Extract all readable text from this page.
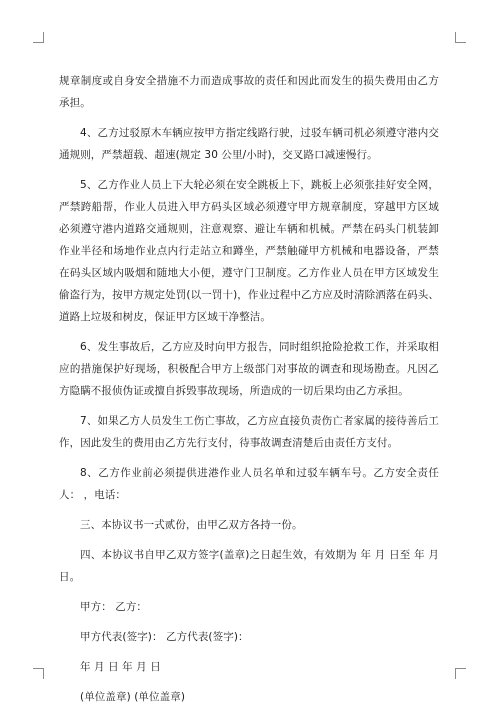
规章制度或自身安全措施不力而造成事故的责任和因此而发生的损失费用由乙方承担。

4、乙方过驳原木车辆应按甲方指定线路行驶，过驳车辆司机必须遵守港内交通规则，严禁超载、超速(规定 30 公里/小时)，交叉路口减速慢行。

5、乙方作业人员上下大轮必须在安全跳板上下，跳板上必须张挂好安全网，严禁跨船帮，作业人员进入甲方码头区域必须遵守甲方规章制度，穿越甲方区域必须遵守港内道路交通规则，注意观察、避让车辆和机械。严禁在码头门机装卸作业半径和场地作业点内行走站立和蹲坐，严禁触碰甲方机械和电器设备，严禁在码头区域内吸烟和随地大小便，遵守门卫制度。乙方作业人员在甲方区域发生偷盗行为，按甲方规定处罚(以一罚十)，作业过程中乙方应及时清除洒落在码头、道路上垃圾和树皮，保证甲方区域干净整洁。

6、发生事故后，乙方应及时向甲方报告，同时组织抢险抢救工作，并采取相应的措施保护好现场，积极配合甲方上级部门对事故的调查和现场勘查。凡因乙方隐瞒不报侦伪证或擅自拆毁事故现场，所造成的一切后果均由乙方承担。

7、如果乙方人员发生工伤亡事故，乙方应直接负责伤亡者家属的接待善后工作，因此发生的费用由乙方先行支付，待事故调查清楚后由责任方支付。

8、乙方作业前必须提供进港作业人员名单和过驳车辆车号。乙方安全责任人： ，电话：

三、本协议书一式贰份，由甲乙双方各持一份。

四、本协议书自甲乙双方签字(盖章)之日起生效，有效期为 年 月 日至 年 月 日。

甲方： 乙方：

甲方代表(签字)： 乙方代表(签字)：

年 月 日 年 月 日

(单位盖章) (单位盖章)
